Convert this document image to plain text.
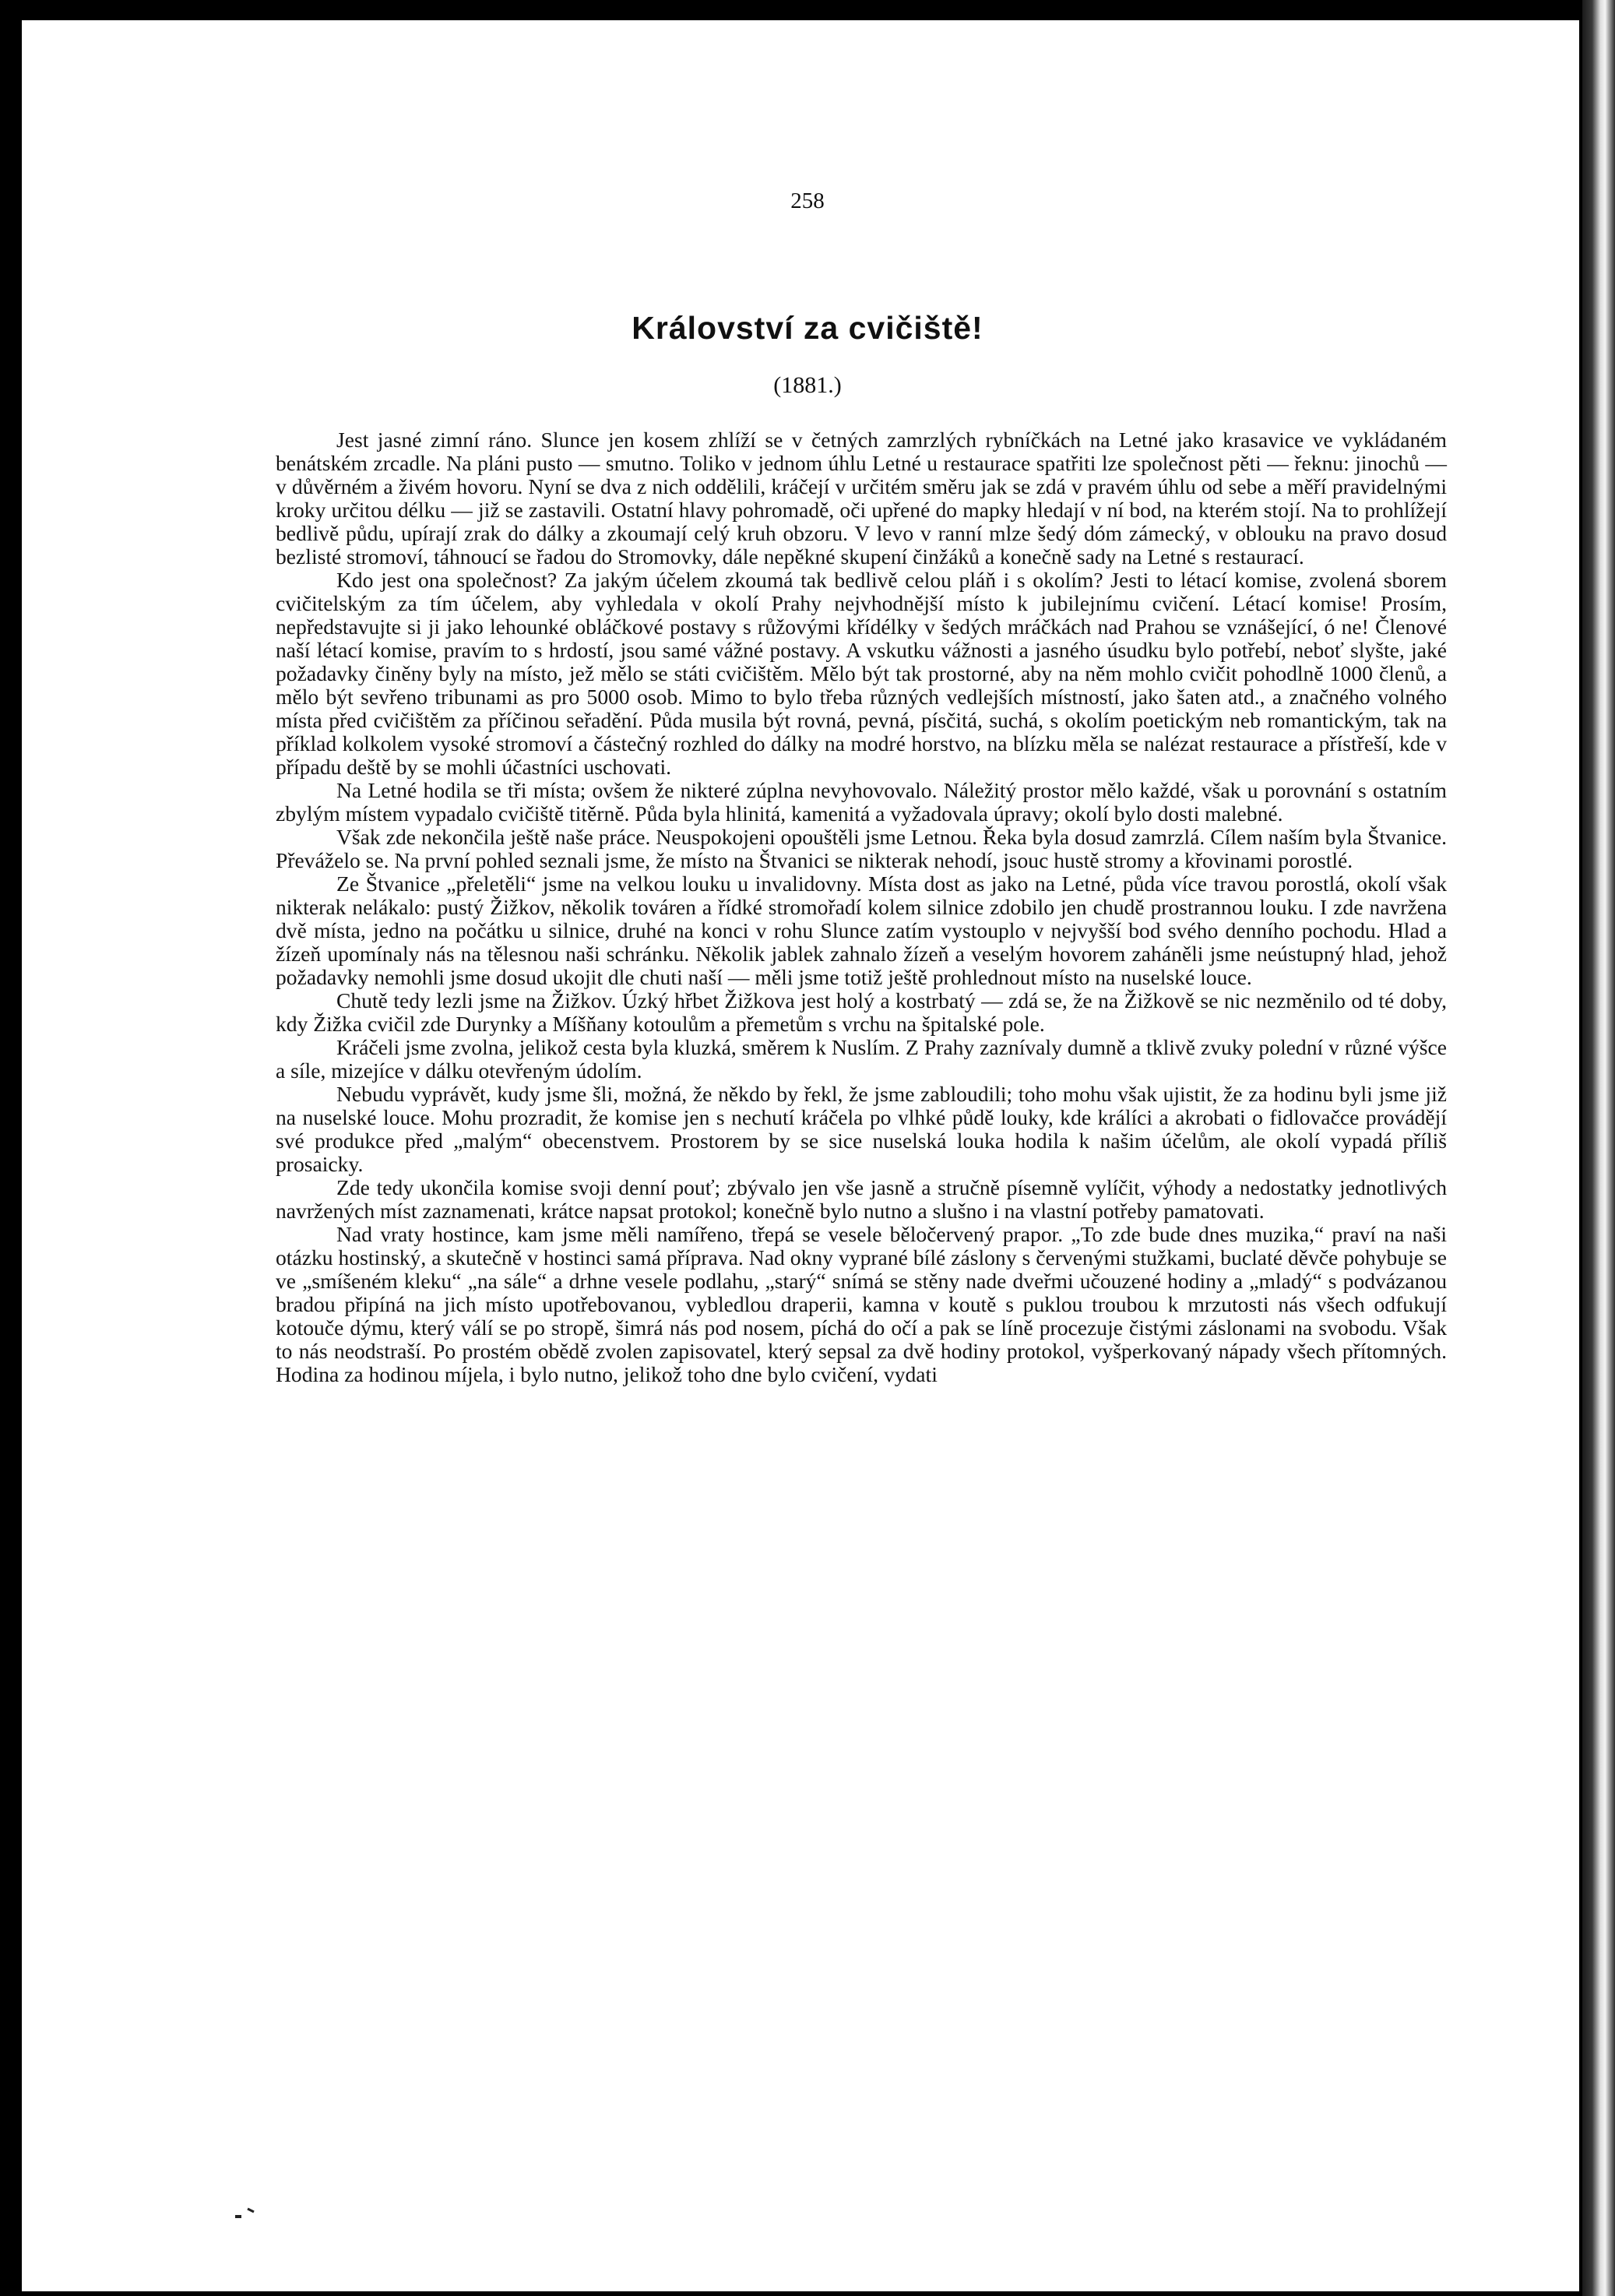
258
Království za cvičiště!
(1881.)

Jest jasné zimní ráno. Slunce jen kosem zhlíží se v četných zamrzlých rybníčkách na Letné jako krasavice ve vykládaném benátském zrcadle. Na pláni pusto — smutno. Toliko v jednom úhlu Letné u restaurace spatřiti lze společnost pěti — řeknu: jinochů — v důvěrném a živém hovoru. Nyní se dva z nich oddělili, kráčejí v určitém směru jak se zdá v pravém úhlu od sebe a měří pravidelnými kroky určitou délku — již se zastavili. Ostatní hlavy pohromadě, oči upřené do mapky hledají v ní bod, na kterém stojí. Na to prohlížejí bedlivě půdu, upírají zrak do dálky a zkoumají celý kruh obzoru. V levo v ranní mlze šedý dóm zámecký, v oblouku na pravo dosud bezlisté stromoví, táhnoucí se řadou do Stromovky, dále nepěkné skupení činžáků a konečně sady na Letné s restaurací.

Kdo jest ona společnost? Za jakým účelem zkoumá tak bedlivě celou pláň i s okolím? Jesti to létací komise, zvolená sborem cvičitelským za tím účelem, aby vyhledala v okolí Prahy nejvhodnější místo k jubilejnímu cvičení. Létací komise! Prosím, nepředstavujte si ji jako lehounké obláčkové postavy s růžovými křídélky v šedých mráčkách nad Prahou se vznášející, ó ne! Členové naší létací komise, pravím to s hrdostí, jsou samé vážné postavy. A vskutku vážnosti a jasného úsudku bylo potřebí, neboť slyšte, jaké požadavky činěny byly na místo, jež mělo se státi cvičištěm. Mělo být tak prostorné, aby na něm mohlo cvičit pohodlně 1000 členů, a mělo být sevřeno tribunami as pro 5000 osob. Mimo to bylo třeba různých vedlejších místností, jako šaten atd., a značného volného místa před cvičištěm za příčinou seřadění. Půda musila být rovná, pevná, písčitá, suchá, s okolím poetickým neb romantickým, tak na příklad kolkolem vysoké stromoví a částečný rozhled do dálky na modré horstvo, na blízku měla se nalézat restaurace a přístřeší, kde v případu deště by se mohli účastníci uschovati.

Na Letné hodila se tři místa; ovšem že nikteré zúplna nevyhovovalo. Náležitý prostor mělo každé, však u porovnání s ostatním zbylým místem vypadalo cvičiště titěrně. Půda byla hlinitá, kamenitá a vyžadovala úpravy; okolí bylo dosti malebné.

Však zde nekončila ještě naše práce. Neuspokojeni opouštěli jsme Letnou. Řeka byla dosud zamrzlá. Cílem naším byla Štvanice. Převáželo se. Na první pohled seznali jsme, že místo na Štvanici se nikterak nehodí, jsouc hustě stromy a křovinami porostlé.

Ze Štvanice „přeletěli“ jsme na velkou louku u invalidovny. Místa dost as jako na Letné, půda více travou porostlá, okolí však nikterak nelákalo: pustý Žižkov, několik továren a řídké stromořadí kolem silnice zdobilo jen chudě prostrannou louku. I zde navržena dvě místa, jedno na počátku u silnice, druhé na konci v rohu Slunce zatím vystouplo v nejvyšší bod svého denního pochodu. Hlad a žízeň upomínaly nás na tělesnou naši schránku. Několik jablek zahnalo žízeň a veselým hovorem zaháněli jsme neústupný hlad, jehož požadavky nemohli jsme dosud ukojit dle chuti naší — měli jsme totiž ještě prohlednout místo na nuselské louce.

Chutě tedy lezli jsme na Žižkov. Úzký hřbet Žižkova jest holý a kostrbatý — zdá se, že na Žižkově se nic nezměnilo od té doby, kdy Žižka cvičil zde Durynky a Míšňany kotoulům a přemetům s vrchu na špitalské pole.

Kráčeli jsme zvolna, jelikož cesta byla kluzká, směrem k Nuslím. Z Prahy zaznívaly dumně a tklivě zvuky polední v různé výšce a síle, mizejíce v dálku otevřeným údolím.

Nebudu vyprávět, kudy jsme šli, možná, že někdo by řekl, že jsme zabloudili; toho mohu však ujistit, že za hodinu byli jsme již na nuselské louce. Mohu prozradit, že komise jen s nechutí kráčela po vlhké půdě louky, kde králíci a akrobati o fidlovačce provádějí své produkce před „malým“ obecenstvem. Prostorem by se sice nuselská louka hodila k našim účelům, ale okolí vypadá příliš prosaicky.

Zde tedy ukončila komise svoji denní pouť; zbývalo jen vše jasně a stručně písemně vylíčit, výhody a nedostatky jednotlivých navržených míst zaznamenati, krátce napsat protokol; konečně bylo nutno a slušno i na vlastní potřeby pamatovati.

Nad vraty hostince, kam jsme měli namířeno, třepá se vesele běločervený prapor. „To zde bude dnes muzika,“ praví na naši otázku hostinský, a skutečně v hostinci samá příprava. Nad okny vyprané bílé záslony s červenými stužkami, buclaté děvče pohybuje se ve „smíšeném kleku“ „na sále“ a drhne vesele podlahu, „starý“ snímá se stěny nade dveřmi učouzené hodiny a „mladý“ s podvázanou bradou připíná na jich místo upotřebovanou, vybledlou draperii, kamna v koutě s puklou troubou k mrzutosti nás všech odfukují kotouče dýmu, který válí se po stropě, šimrá nás pod nosem, píchá do očí a pak se líně procezuje čistými záslonami na svobodu. Však to nás neodstraší. Po prostém obědě zvolen zapisovatel, který sepsal za dvě hodiny protokol, vyšperkovaný nápady všech přítomných. Hodina za hodinou míjela, i bylo nutno, jelikož toho dne bylo cvičení, vydati
